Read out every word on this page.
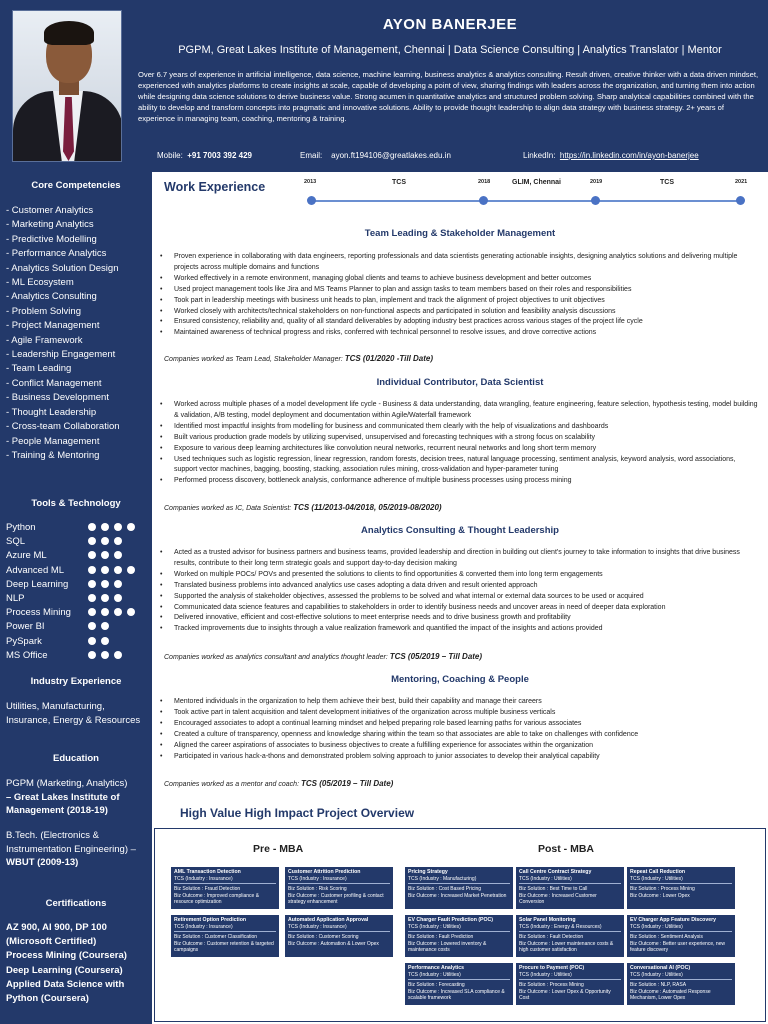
AYON BANERJEE
PGPM, Great Lakes Institute of Management, Chennai | Data Science Consulting | Analytics Translator | Mentor
Over 6.7 years of experience in artificial intelligence, data science, machine learning, business analytics & analytics consulting. Result driven, creative thinker with a data driven mindset, experienced with analytics platforms to create insights at scale, capable of developing a point of view, sharing findings with leaders across the organization, and turning them into action while designing data science solutions to derive business value. Strong acumen in quantitative analytics and structured problem solving. Sharp analytical capabilities combined with the ability to develop and transform concepts into pragmatic and innovative solutions. Ability to provide thought leadership to align data strategy with business strategy. 2+ years of experience in managing team, coaching, mentoring & training.
Mobile: +91 7003 392 429	Email: ayon.ft194106@greatlakes.edu.in	LinkedIn: https://in.linkedin.com/in/ayon-banerjee
Core Competencies
- Customer Analytics
- Marketing Analytics
- Predictive Modelling
- Performance Analytics
- Analytics Solution Design
- ML Ecosystem
- Analytics Consulting
- Problem Solving
- Project Management
- Agile Framework
- Leadership Engagement
- Team Leading
- Conflict Management
- Business Development
- Thought Leadership
- Cross-team Collaboration
- People Management
- Training & Mentoring
Tools & Technology
Python
SQL
Azure ML
Advanced ML
Deep Learning
NLP
Process Mining
Power BI
PySpark
MS Office
Industry Experience
Utilities, Manufacturing, Insurance, Energy & Resources
Education
PGPM (Marketing, Analytics)
– Great Lakes Institute of Management (2018-19)
B.Tech. (Electronics & Instrumentation Engineering) – WBUT (2009-13)
Certifications
AZ 900, AI 900, DP 100 (Microsoft Certified)
Process Mining (Coursera)
Deep Learning (Coursera)
Applied Data Science with Python (Coursera)
Work Experience	2013	2018	2019	2021
TCS	GLIM, Chennai	TCS
Team Leading & Stakeholder Management
• Proven experience in collaborating with data engineers, reporting professionals and data scientists generating actionable insights, designing analytics solutions and delivering multiple projects across multiple domains and functions
• Worked effectively in a remote environment, managing global clients and teams to achieve business development and better outcomes
• Used project management tools like Jira and MS Teams Planner to plan and assign tasks to team members based on their roles and responsibilities
• Took part in leadership meetings with business unit heads to plan, implement and track the alignment of project objectives to unit objectives
• Worked closely with architects/technical stakeholders on non-functional aspects and participated in solution and feasibility analysis discussions
• Ensured consistency, reliability and, quality of all standard deliverables by adopting industry best practices across various stages of the project life cycle
• Maintained awareness of technical progress and risks, conferred with technical personnel to resolve issues, and drove corrective actions
Companies worked as Team Lead, Stakeholder Manager: TCS (01/2020 -Till Date)
Individual Contributor, Data Scientist
• Worked across multiple phases of a model development life cycle - Business & data understanding, data wrangling, feature engineering, feature selection, hypothesis testing, model building & validation, A/B testing, model deployment and documentation within Agile/Waterfall framework
• Identified most impactful insights from modelling for business and communicated them clearly with the help of visualizations and dashboards
• Built various production grade models by utilizing supervised, unsupervised and forecasting techniques with a strong focus on scalability
• Exposure to various deep learning architectures like convolution neural networks, recurrent neural networks and long short term memory
• Used techniques such as logistic regression, linear regression, random forests, decision trees, natural language processing, sentiment analysis, keyword analysis, word associations, support vector machines, bagging, boosting, stacking, association rules mining, cross-validation and hyper-parameter tuning
• Performed process discovery, bottleneck analysis, conformance adherence of multiple business processes using process mining
Companies worked as IC, Data Scientist: TCS (11/2013-04/2018, 05/2019-08/2020)
Analytics Consulting & Thought Leadership
• Acted as a trusted advisor for business partners and business teams, provided leadership and direction in building out client's journey to take information to insights that drive business results, contribute to their long term strategic goals and support day-to-day decision making
• Worked on multiple POCs/ POVs and presented the solutions to clients to find opportunities & converted them into long term engagements
• Translated business problems into advanced analytics use cases adopting a data driven and result oriented approach
• Supported the analysis of stakeholder objectives, assessed the problems to be solved and what internal or external data sources to be used or acquired
• Communicated data science features and capabilities to stakeholders in order to identify business needs and uncover areas in need of deeper data exploration
• Delivered innovative, efficient and cost-effective solutions to meet enterprise needs and to drive business growth and profitability
• Tracked improvements due to insights through a value realization framework and quantified the impact of the insights and actions provided
Companies worked as analytics consultant and analytics thought leader: TCS (05/2019 – Till Date)
Mentoring, Coaching & People
• Mentored individuals in the organization to help them achieve their best, build their capability and manage their careers
• Took active part in talent acquisition and talent development initiatives of the organization across multiple business verticals
• Encouraged associates to adopt a continual learning mindset and helped preparing role based learning paths for various associates
• Created a culture of transparency, openness and knowledge sharing within the team so that associates are able to take on challenges with confidence
• Aligned the career aspirations of associates to business objectives to create a fulfilling experience for associates within the organization
• Participated in various hack-a-thons and demonstrated problem solving approach to junior associates to develop their analytical capability
Companies worked as a mentor and coach: TCS (05/2019 – Till Date)
High Value High Impact Project Overview
Pre - MBA	Post - MBA
AML Transaction Detection
TCS (Industry : Insurance)
Biz Solution : Fraud Detection
Biz Outcome : Improved compliance & resource optimization
Customer Attrition Prediction
TCS (Industry : Insurance)
Biz Solution : Risk Scoring
Biz Outcome : Customer profiling & contact strategy enhancement
Retirement Option Prediction
TCS (Industry : Insurance)
Biz Solution : Customer Classification
Biz Outcome : Customer retention & targeted campaigns
Automated Application Approval
TCS (Industry : Insurance)
Biz Solution : Customer Scoring
Biz Outcome : Automation & Lower Opex
Pricing Strategy
TCS (Industry : Manufacturing)
Biz Solution : Cost Based Pricing
Biz Outcome : Increased Market Penetration
Call Centre Contract Strategy
TCS (Industry : Utilities)
Biz Solution : Best Time to Call
Biz Outcome : Increased Customer Conversion
Repeat Call Reduction
TCS (Industry : Utilities)
Biz Solution : Process Mining
Biz Outcome : Lower Opex
EV Charger Fault Prediction (POC)
TCS (Industry : Utilities)
Biz Solution : Fault Prediction
Biz Outcome : Lowered inventory & maintenance costs
Solar Panel Monitoring
TCS (Industry : Energy & Resources)
Biz Solution : Fault Detection
Biz Outcome : Lower maintenance costs & high customer satisfaction
EV Charger App Feature Discovery
TCS (Industry : Utilities)
Biz Solution : Sentiment Analysis
Biz Outcome : Better user experience, new feature discovery
Performance Analytics
TCS (Industry : Utilities)
Biz Solution : Forecasting
Biz Outcome : Increased SLA compliance & scalable framework
Procure to Payment (POC)
TCS (Industry : Utilities)
Biz Solution : Process Mining
Biz Outcome : Lower Opex & Opportunity Cost
Conversational AI (POC)
TCS (Industry : Utilities)
Biz Solution : NLP, RASA
Biz Outcome : Automated Response Mechanism, Lower Opex
